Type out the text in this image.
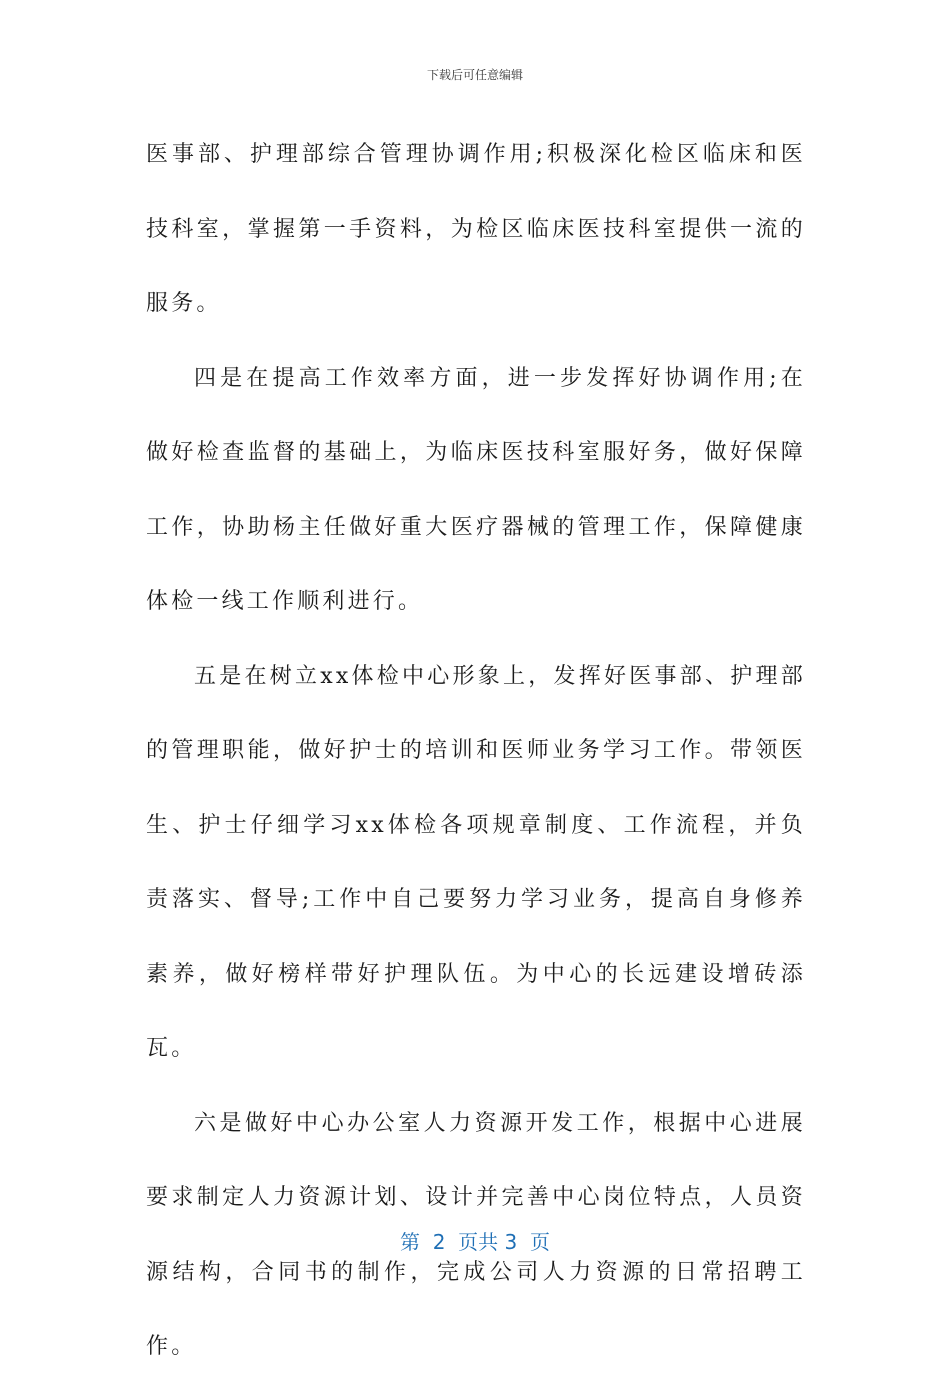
下载后可任意编辑

医事部、护理部综合管理协调作用;积极深化检区临床和医技科室，掌握第一手资料，为检区临床医技科室提供一流的服务。

四是在提高工作效率方面，进一步发挥好协调作用;在做好检查监督的基础上，为临床医技科室服好务，做好保障工作，协助杨主任做好重大医疗器械的管理工作，保障健康体检一线工作顺利进行。

五是在树立xx体检中心形象上，发挥好医事部、护理部的管理职能，做好护士的培训和医师业务学习工作。带领医生、护士仔细学习xx体检各项规章制度、工作流程，并负责落实、督导;工作中自己要努力学习业务，提高自身修养素养，做好榜样带好护理队伍。为中心的长远建设增砖添瓦。

六是做好中心办公室人力资源开发工作，根据中心进展要求制定人力资源计划、设计并完善中心岗位特点，人员资源结构，合同书的制作，完成公司人力资源的日常招聘工作。

第  2  页共 3  页
